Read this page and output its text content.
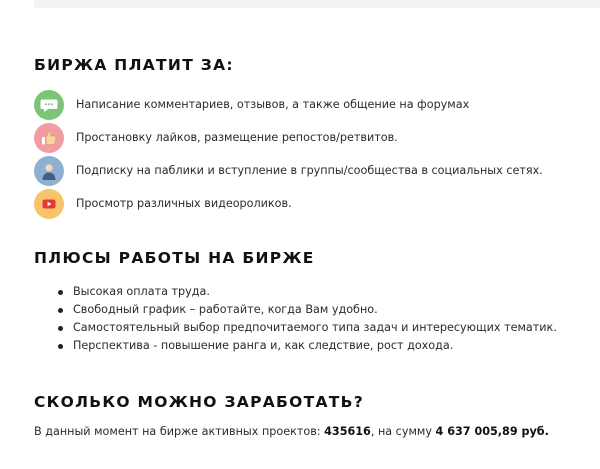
БИРЖА ПЛАТИТ ЗА:
Написание комментариев, отзывов, а также общение на форумах
Простановку лайков, размещение репостов/ретвитов.
Подписку на паблики и вступление в группы/сообщества в социальных сетях.
Просмотр различных видеороликов.
ПЛЮСЫ РАБОТЫ НА БИРЖЕ
Высокая оплата труда.
Свободный график – работайте, когда Вам удобно.
Самостоятельный выбор предпочитаемого типа задач и интересующих тематик.
Перспектива - повышение ранга и, как следствие, рост дохода.
СКОЛЬКО МОЖНО ЗАРАБОТАТЬ?
В данный момент на бирже активных проектов: 435616, на сумму 4 637 005,89 руб.
